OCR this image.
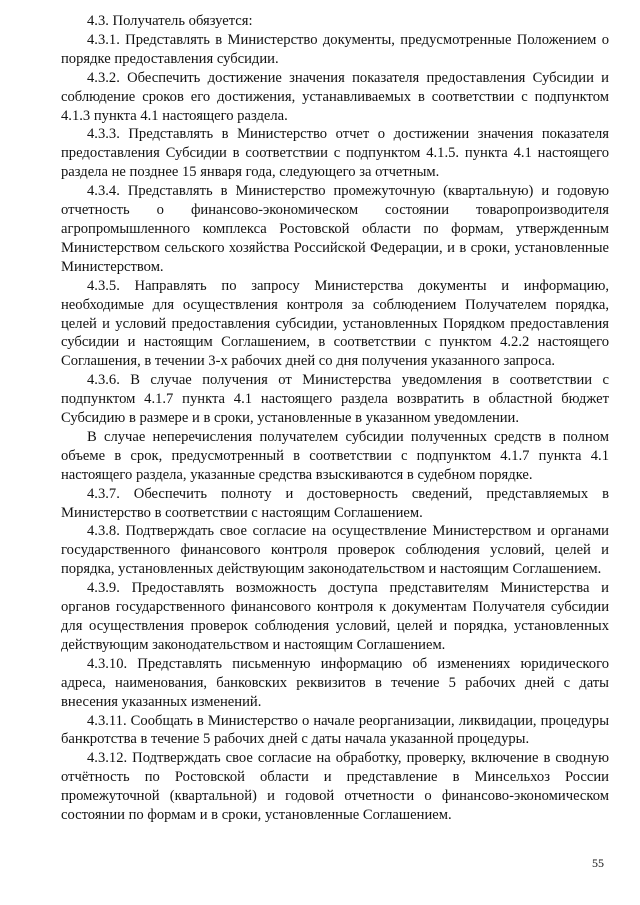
4.3. Получатель обязуется:

4.3.1. Представлять в Министерство документы, предусмотренные Положением о порядке предоставления субсидии.

4.3.2. Обеспечить достижение значения показателя предоставления Субсидии и соблюдение сроков его достижения, устанавливаемых в соответствии с подпунктом 4.1.3 пункта 4.1 настоящего раздела.

4.3.3. Представлять в Министерство отчет о достижении значения показателя предоставления Субсидии в соответствии с подпунктом 4.1.5. пункта 4.1 настоящего раздела не позднее 15 января года, следующего за отчетным.

4.3.4. Представлять в Министерство промежуточную (квартальную) и годовую отчетность о финансово-экономическом состоянии товаропроизводителя агропромышленного комплекса Ростовской области по формам, утвержденным Министерством сельского хозяйства Российской Федерации, и в сроки, установленные Министерством.

4.3.5. Направлять по запросу Министерства документы и информацию, необходимые для осуществления контроля за соблюдением Получателем порядка, целей и условий предоставления субсидии, установленных Порядком предоставления субсидии и настоящим Соглашением, в соответствии с пунктом 4.2.2 настоящего Соглашения, в течении 3-х рабочих дней со дня получения указанного запроса.

4.3.6. В случае получения от Министерства уведомления в соответствии с подпунктом 4.1.7 пункта 4.1 настоящего раздела возвратить в областной бюджет Субсидию в размере и в сроки, установленные в указанном уведомлении.

В случае неперечисления получателем субсидии полученных средств в полном объеме в срок, предусмотренный в соответствии с подпунктом 4.1.7 пункта 4.1 настоящего раздела, указанные средства взыскиваются в судебном порядке.

4.3.7. Обеспечить полноту и достоверность сведений, представляемых в Министерство в соответствии с настоящим Соглашением.

4.3.8. Подтверждать свое согласие на осуществление Министерством и органами государственного финансового контроля проверок соблюдения условий, целей и порядка, установленных действующим законодательством и настоящим Соглашением.

4.3.9. Предоставлять возможность доступа представителям Министерства и органов государственного финансового контроля к документам Получателя субсидии для осуществления проверок соблюдения условий, целей и порядка, установленных действующим законодательством и настоящим Соглашением.

4.3.10. Представлять письменную информацию об изменениях юридического адреса, наименования, банковских реквизитов в течение 5 рабочих дней с даты внесения указанных изменений.

4.3.11. Сообщать в Министерство о начале реорганизации, ликвидации, процедуры банкротства в течение 5 рабочих дней с даты начала указанной процедуры.

4.3.12. Подтверждать свое согласие на обработку, проверку, включение в сводную отчётность по Ростовской области и представление в Минсельхоз России промежуточной (квартальной) и годовой отчетности о финансово-экономическом состоянии по формам и в сроки, установленные Соглашением.

55
